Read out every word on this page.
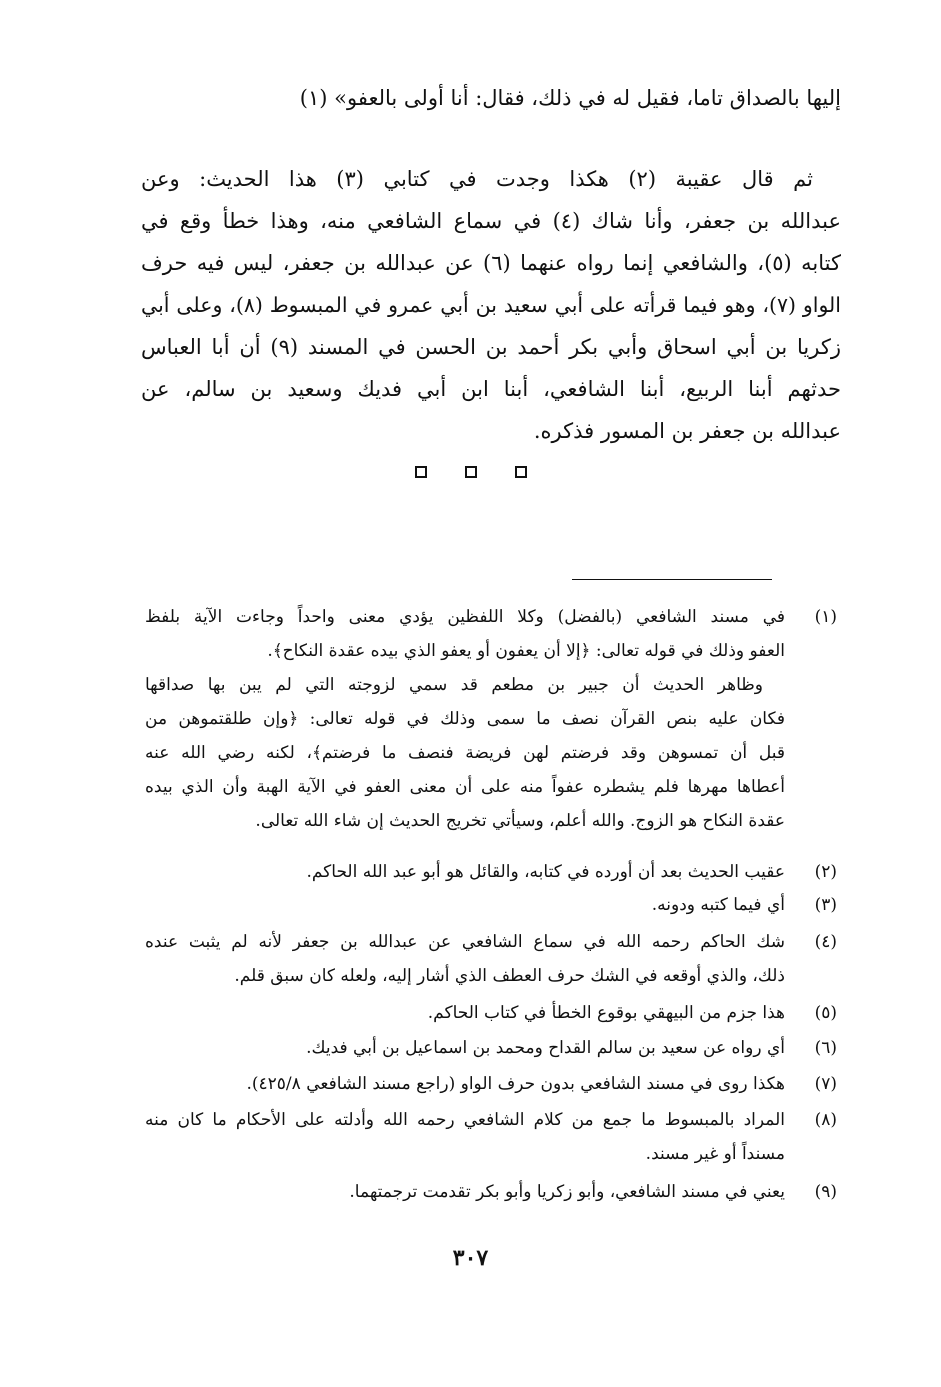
إليها بالصداق تاما، فقيل له في ذلك، فقال: أنا أولى بالعفو» (١)
ثم قال عقيبة (٢) هكذا وجدت في كتابي (٣) هذا الحديث: وعن
عبدالله بن جعفر، وأنا شاك (٤) في سماع الشافعي منه، وهذا خطأ وقع في
كتابه (٥)، والشافعي إنما رواه عنهما (٦) عن عبدالله بن جعفر، ليس فيه حرف
الواو (٧)، وهو فيما قرأته على أبي سعيد بن أبي عمرو في المبسوط (٨)، وعلى أبي
زكريا بن أبي اسحاق وأبي بكر أحمد بن الحسن في المسند (٩) أن أبا العباس
حدثهم أبنا الربيع، أبنا الشافعي، أبنا ابن أبي فديك وسعيد بن سالم، عن
عبدالله بن جعفر بن المسور فذكره.
(١)
في مسند الشافعي (بالفضل) وكلا اللفظين يؤدي معنى واحداً وجاءت الآية بلفظ
العفو وذلك في قوله تعالى: ﴿إلا أن يعفون أو يعفو الذي بيده عقدة النكاح﴾.
وظاهر الحديث أن جبير بن مطعم قد سمي لزوجته التي لم يبن بها صداقها
فكان عليه بنص القرآن نصف ما سمى وذلك في قوله تعالى: ﴿وإن طلقتموهن من
قبل أن تمسوهن وقد فرضتم لهن فريضة فنصف ما فرضتم﴾، لكنه رضي الله عنه
أعطاها مهرها فلم يشطره عفواً منه على أن معنى العفو في الآية الهبة وأن الذي بيده
عقدة النكاح هو الزوج. والله أعلم، وسيأتي تخريج الحديث إن شاء الله تعالى.
(٢)
عقيب الحديث بعد أن أورده في كتابه، والقائل هو أبو عبد الله الحاكم.
(٣)
أي فيما كتبه ودونه.
(٤)
شك الحاكم رحمه الله في سماع الشافعي عن عبدالله بن جعفر لأنه لم يثبت عنده
ذلك، والذي أوقعه في الشك حرف العطف الذي أشار إليه، ولعله كان سبق قلم.
(٥)
هذا جزم من البيهقي بوقوع الخطأ في كتاب الحاكم.
(٦)
أي رواه عن سعيد بن سالم القداح ومحمد بن اسماعيل بن أبي فديك.
(٧)
هكذا روى في مسند الشافعي بدون حرف الواو (راجع مسند الشافعي ٤٢٥/٨).
(٨)
المراد بالمبسوط ما جمع من كلام الشافعي رحمه الله وأدلته على الأحكام ما كان منه
مسنداً أو غير مسند.
(٩)
يعني في مسند الشافعي، وأبو زكريا وأبو بكر تقدمت ترجمتهما.
٣٠٧
